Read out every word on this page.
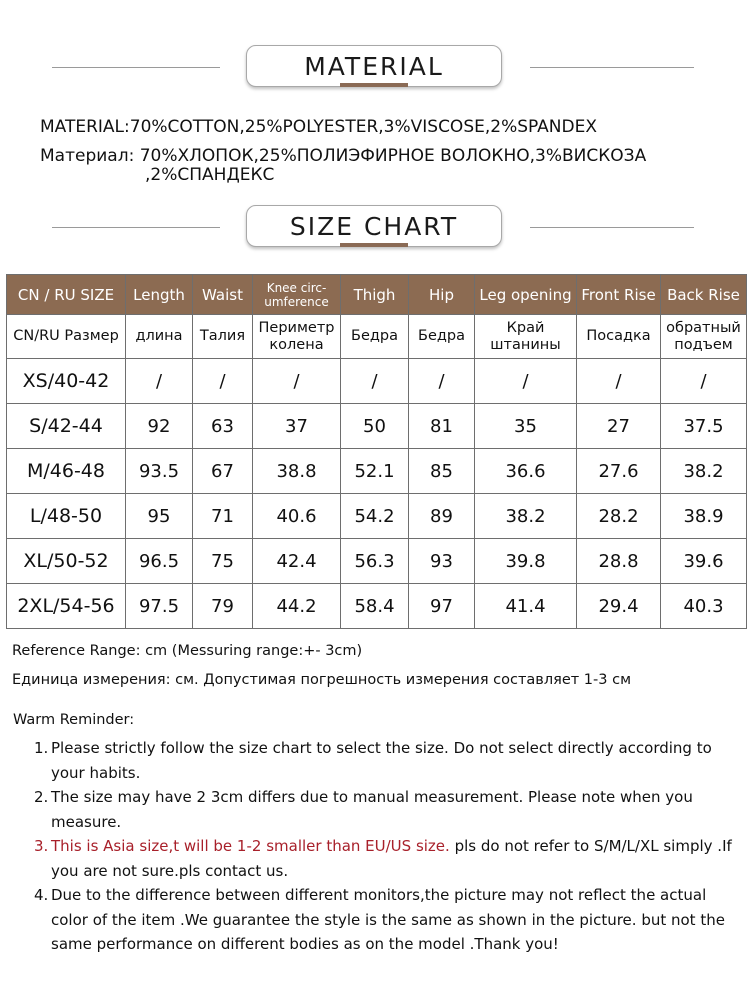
MATERIAL
MATERIAL:70%COTTON,25%POLYESTER,3%VISCOSE,2%SPANDEX
Материал: 70%ХЛОПОК,25%ПОЛИЭФИРНОЕ ВОЛОКНО,3%ВИСКОЗА
,2%СПАНДЕКС
SIZE CHART
CN / RU SIZE	Length	Waist	Knee circ-umference	Thigh	Hip	Leg opening	Front Rise	Back Rise
CN/RU Размер	длина	Талия	Периметр колена	Бедра	Бедра	Край штанины	Посадка	обратный подъем
XS/40-42	/	/	/	/	/	/	/	/
S/42-44	92	63	37	50	81	35	27	37.5
M/46-48	93.5	67	38.8	52.1	85	36.6	27.6	38.2
L/48-50	95	71	40.6	54.2	89	38.2	28.2	38.9
XL/50-52	96.5	75	42.4	56.3	93	39.8	28.8	39.6
2XL/54-56	97.5	79	44.2	58.4	97	41.4	29.4	40.3
Reference Range: cm (Messuring range:+- 3cm)
Единица измерения: см. Допустимая погрешность измерения составляет 1-3 см
Warm Reminder:
1. Please strictly follow the size chart to select the size. Do not select directly according to your habits.
2. The size may have 2 3cm differs due to manual measurement. Please note when you measure.
3. This is Asia size,t will be 1-2 smaller than EU/US size. pls do not refer to S/M/L/XL simply .If you are not sure.pls contact us.
4. Due to the difference between different monitors,the picture may not reflect the actual color of the item .We guarantee the style is the same as shown in the picture. but not the same performance on different bodies as on the model .Thank you!
